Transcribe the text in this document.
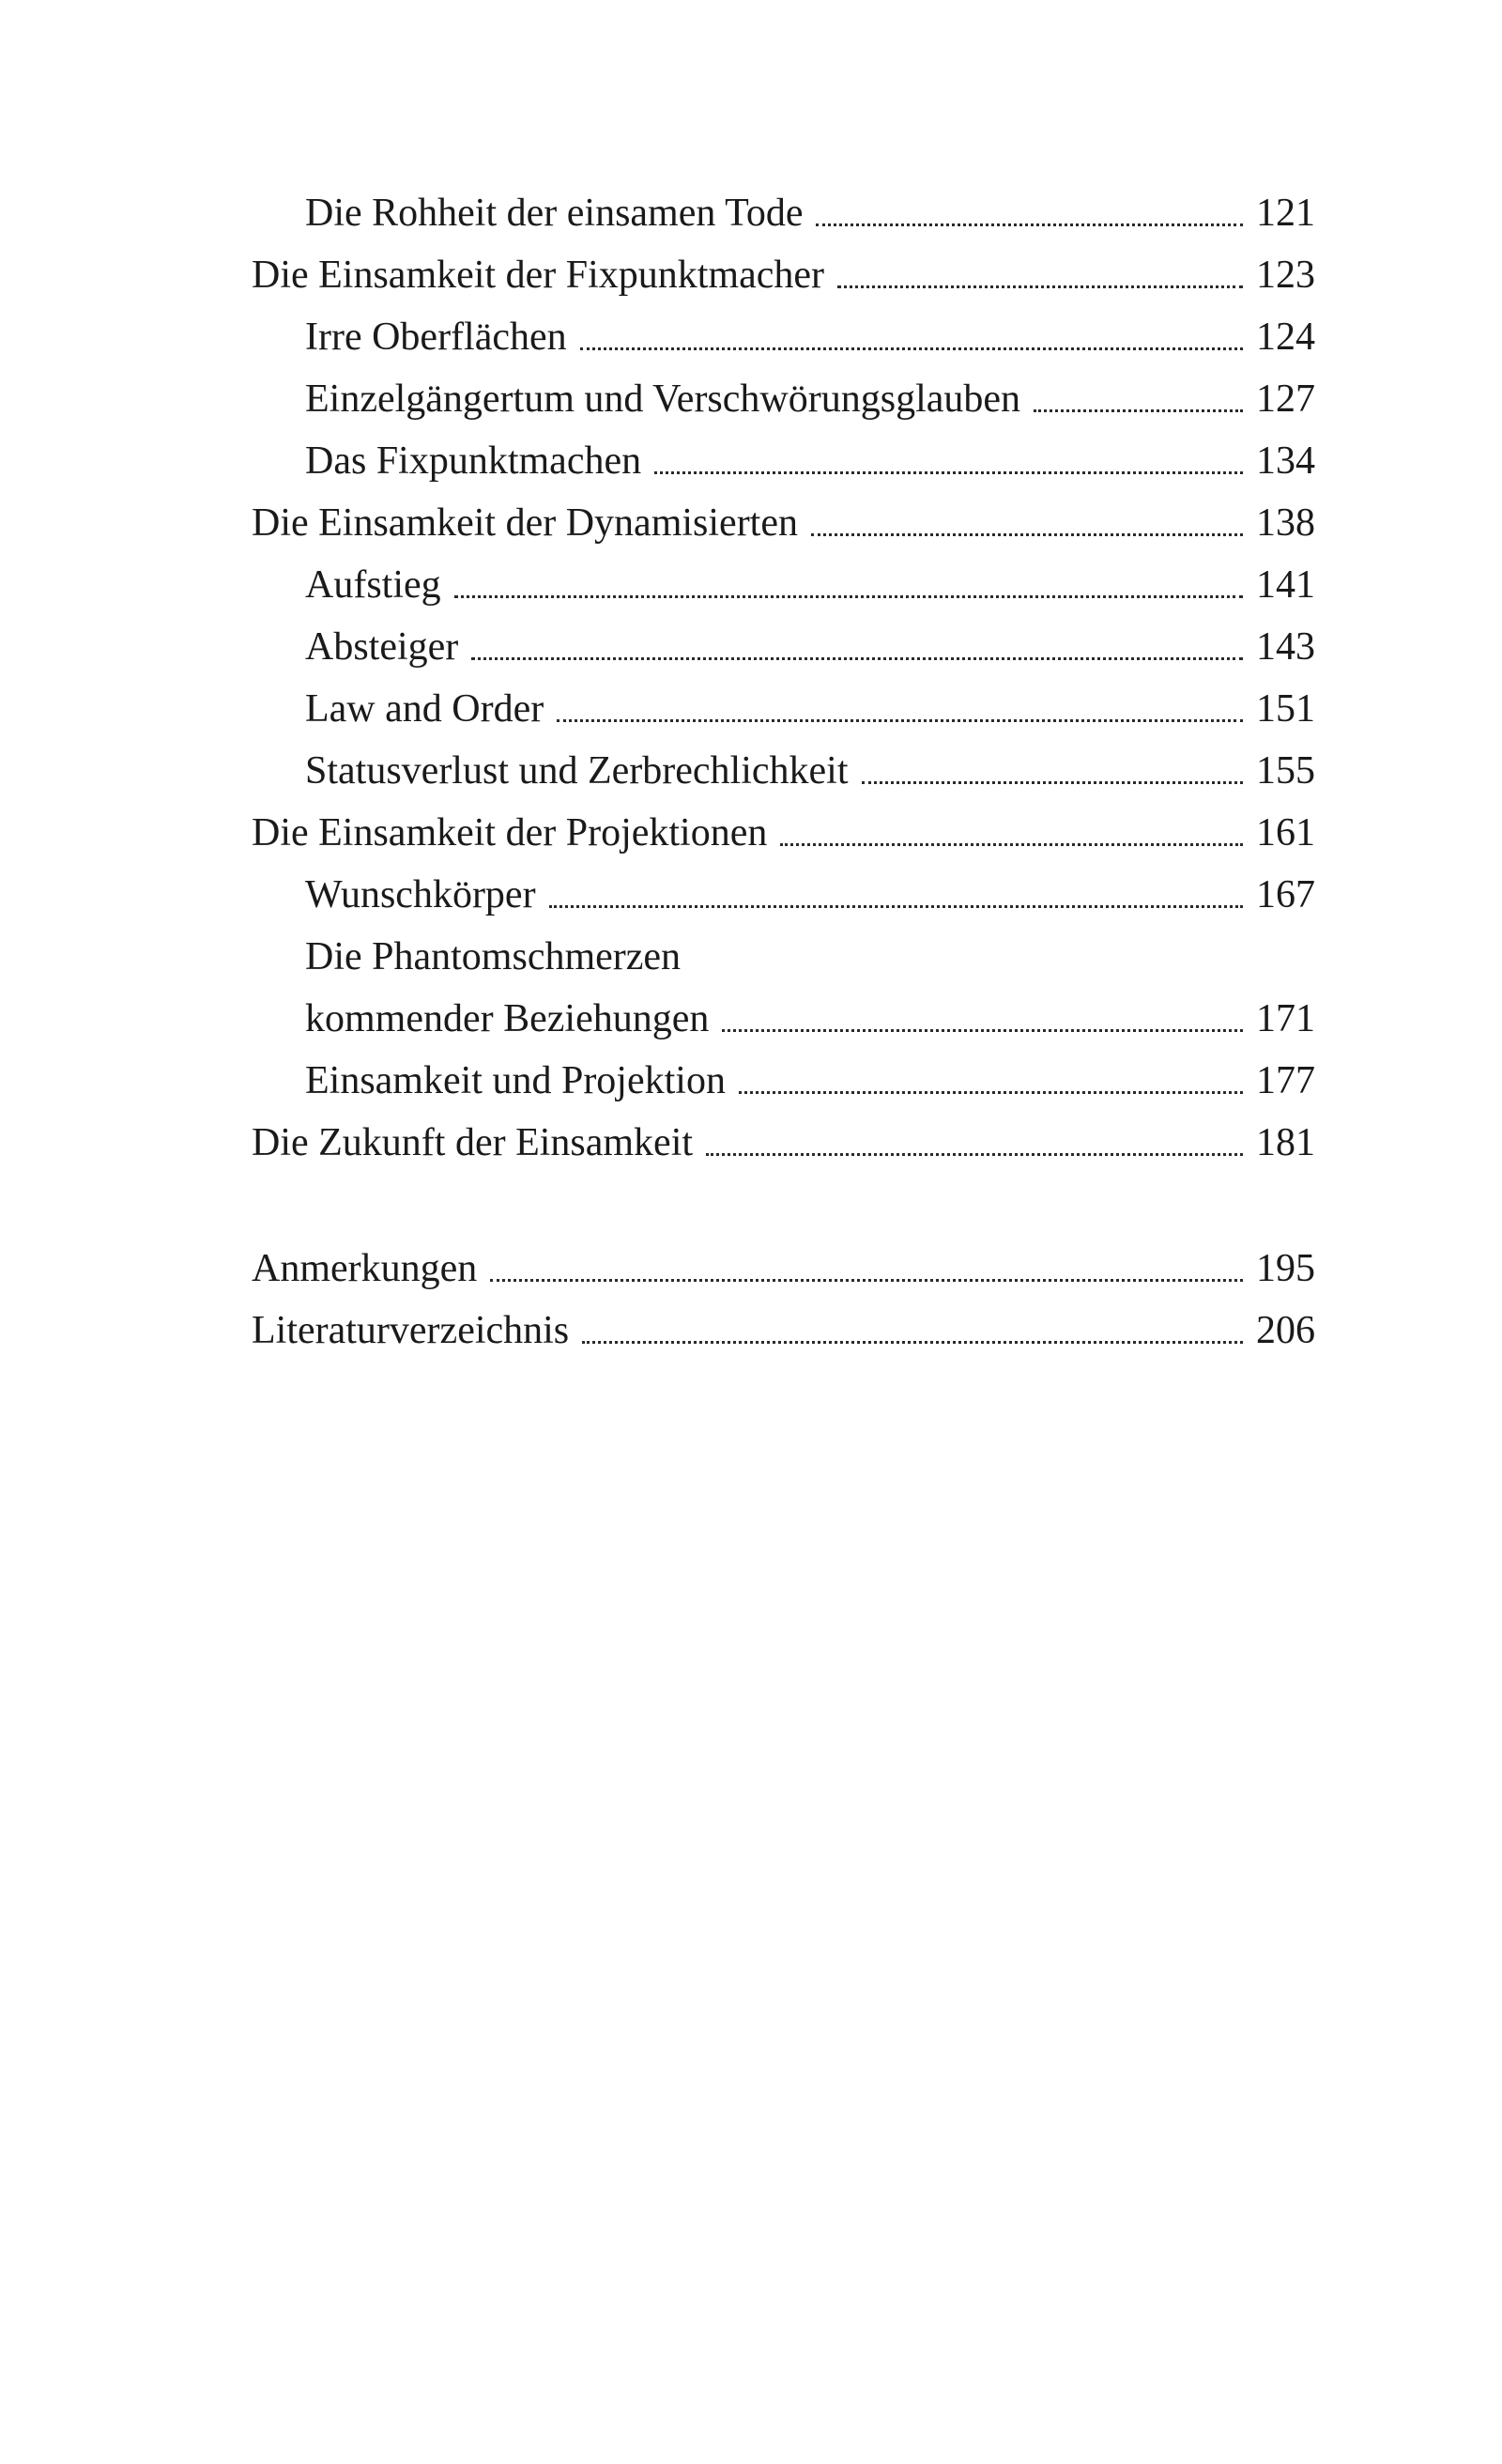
Die Rohheit der einsamen Tode	121
Die Einsamkeit der Fixpunktmacher	123
Irre Oberflächen	124
Einzelgängertum und Verschwörungsglauben	127
Das Fixpunktmachen	134
Die Einsamkeit der Dynamisierten	138
Aufstieg	141
Absteiger	143
Law and Order	151
Statusverlust und Zerbrechlichkeit	155
Die Einsamkeit der Projektionen	161
Wunschkörper	167
Die Phantomschmerzen
kommender Beziehungen	171
Einsamkeit und Projektion	177
Die Zukunft der Einsamkeit	181
Anmerkungen	195
Literaturverzeichnis	206
